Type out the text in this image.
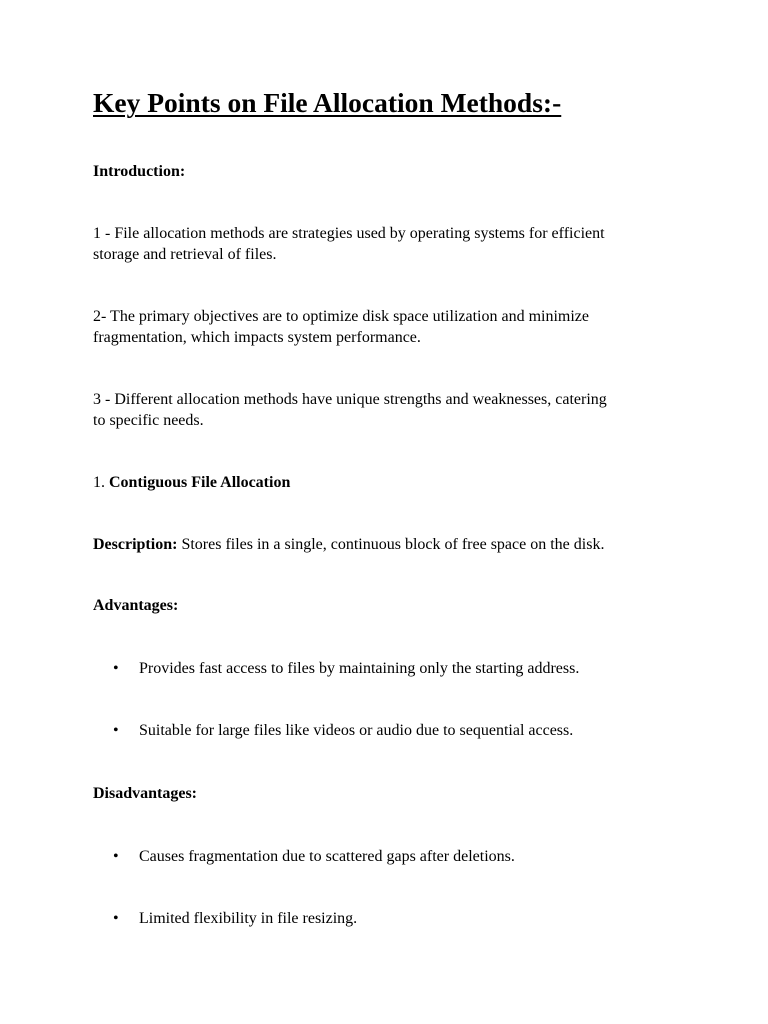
Key Points on File Allocation Methods:-

Introduction:

1 - File allocation methods are strategies used by operating systems for efficient
storage and retrieval of files.
2- The primary objectives are to optimize disk space utilization and minimize
fragmentation, which impacts system performance.
3 - Different allocation methods have unique strengths and weaknesses, catering
to specific needs.

1. Contiguous File Allocation

Description: Stores files in a single, continuous block of free space on the disk.

Advantages:

•	Provides fast access to files by maintaining only the starting address.
•	Suitable for large files like videos or audio due to sequential access.

Disadvantages:

•	Causes fragmentation due to scattered gaps after deletions.
•	Limited flexibility in file resizing.
